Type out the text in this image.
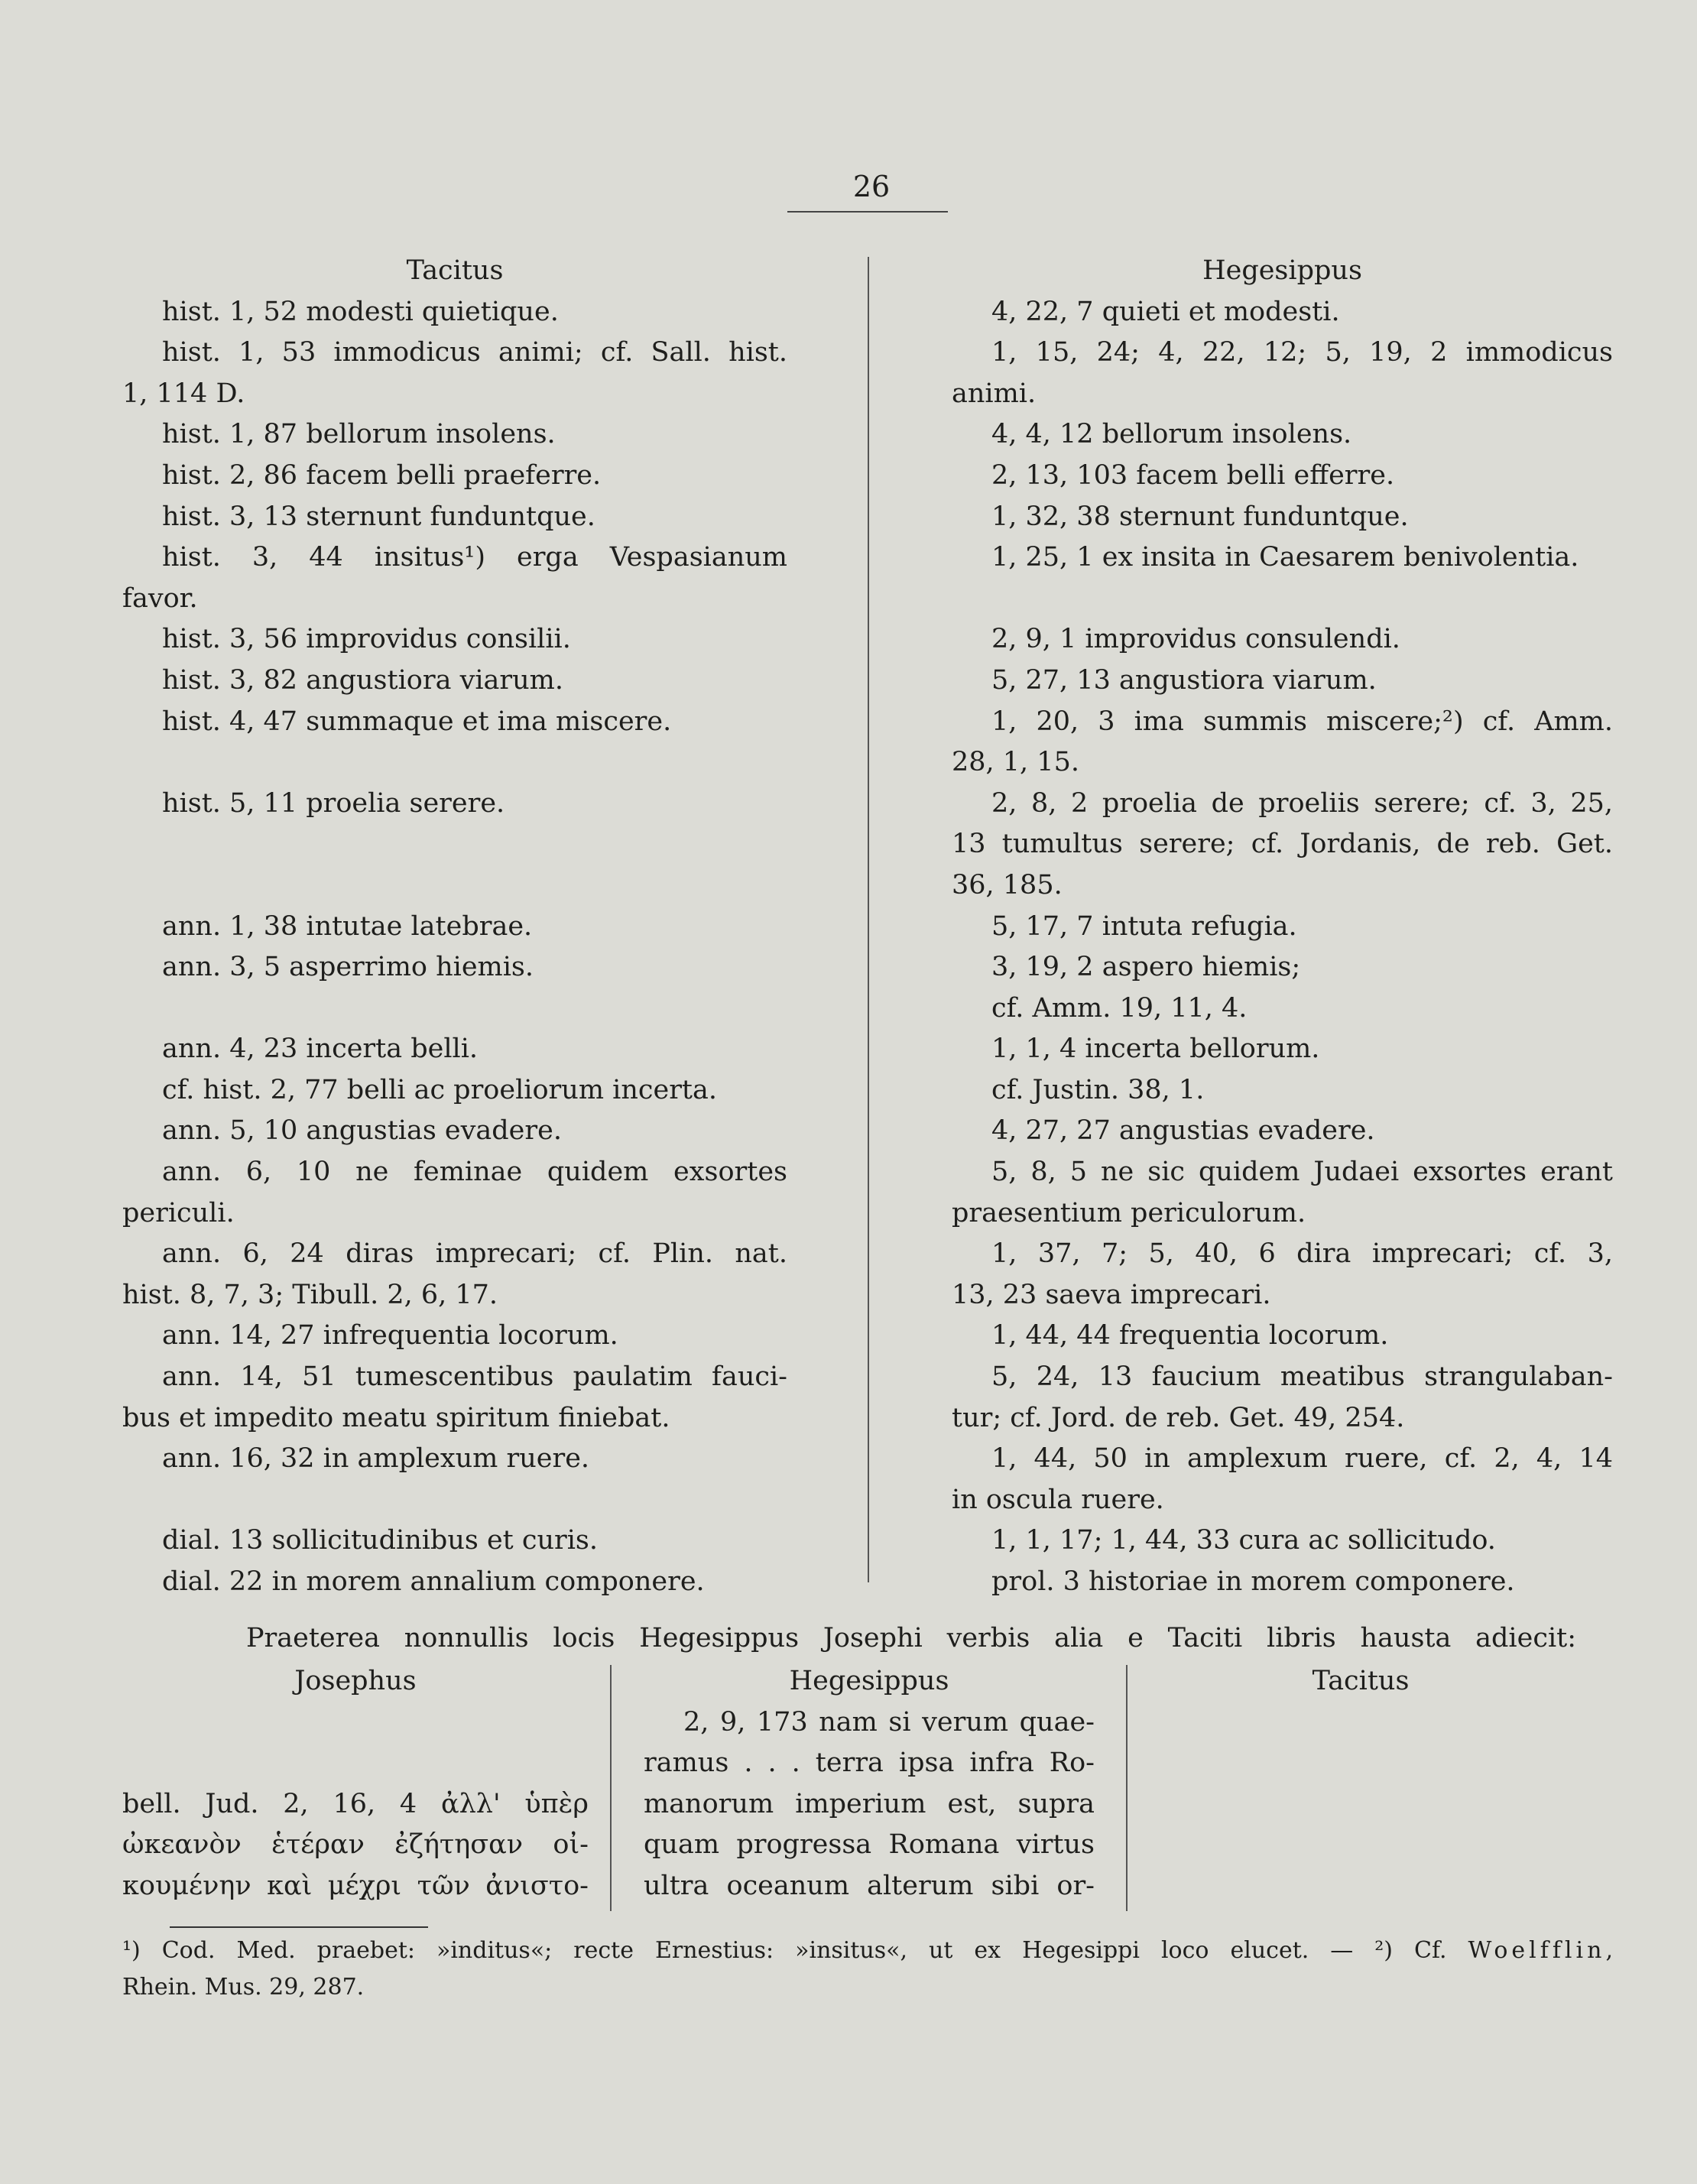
26
Tacitus
hist. 1, 52 modesti quietique.
hist. 1, 53 immodicus animi; cf. Sall. hist.
1, 114 D.
hist. 1, 87 bellorum insolens.
hist. 2, 86 facem belli praeferre.
hist. 3, 13 sternunt funduntque.
hist. 3, 44 insitus¹) erga Vespasianum
favor.
hist. 3, 56 improvidus consilii.
hist. 3, 82 angustiora viarum.
hist. 4, 47 summaque et ima miscere.
hist. 5, 11 proelia serere.
ann. 1, 38 intutae latebrae.
ann. 3, 5 asperrimo hiemis.
ann. 4, 23 incerta belli.
cf. hist. 2, 77 belli ac proeliorum incerta.
ann. 5, 10 angustias evadere.
ann. 6, 10 ne feminae quidem exsortes
periculi.
ann. 6, 24 diras imprecari; cf. Plin. nat.
hist. 8, 7, 3; Tibull. 2, 6, 17.
ann. 14, 27 infrequentia locorum.
ann. 14, 51 tumescentibus paulatim fauci-
bus et impedito meatu spiritum finiebat.
ann. 16, 32 in amplexum ruere.
dial. 13 sollicitudinibus et curis.
dial. 22 in morem annalium componere.
Hegesippus
4, 22, 7 quieti et modesti.
1, 15, 24; 4, 22, 12; 5, 19, 2 immodicus
animi.
4, 4, 12 bellorum insolens.
2, 13, 103 facem belli efferre.
1, 32, 38 sternunt funduntque.
1, 25, 1 ex insita in Caesarem benivolentia.
2, 9, 1 improvidus consulendi.
5, 27, 13 angustiora viarum.
1, 20, 3 ima summis miscere;²) cf. Amm.
28, 1, 15.
2, 8, 2 proelia de proeliis serere; cf. 3, 25,
13 tumultus serere; cf. Jordanis, de reb. Get.
36, 185.
5, 17, 7 intuta refugia.
3, 19, 2 aspero hiemis;
cf. Amm. 19, 11, 4.
1, 1, 4 incerta bellorum.
cf. Justin. 38, 1.
4, 27, 27 angustias evadere.
5, 8, 5 ne sic quidem Judaei exsortes erant
praesentium periculorum.
1, 37, 7; 5, 40, 6 dira imprecari; cf. 3,
13, 23 saeva imprecari.
1, 44, 44 frequentia locorum.
5, 24, 13 faucium meatibus strangulaban-
tur; cf. Jord. de reb. Get. 49, 254.
1, 44, 50 in amplexum ruere, cf. 2, 4, 14
in oscula ruere.
1, 1, 17; 1, 44, 33 cura ac sollicitudo.
prol. 3 historiae in morem componere.
Praeterea nonnullis locis Hegesippus Josephi verbis alia e Taciti libris hausta adiecit:
Josephus
bell. Jud. 2, 16, 4 ἀλλ' ὑπὲρ
ὠκεανὸν ἑτέραν ἐζήτησαν οἰ-
κουμένην καὶ μέχρι τῶν ἀνιστο-
Hegesippus
2, 9, 173 nam si verum quae-
ramus . . . terra ipsa infra Ro-
manorum imperium est, supra
quam progressa Romana virtus
ultra oceanum alterum sibi or-
Tacitus
¹) Cod. Med. praebet: »inditus«; recte Ernestius: »insitus«, ut ex Hegesippi loco elucet. — ²) Cf. Woelfflin,
Rhein. Mus. 29, 287.
